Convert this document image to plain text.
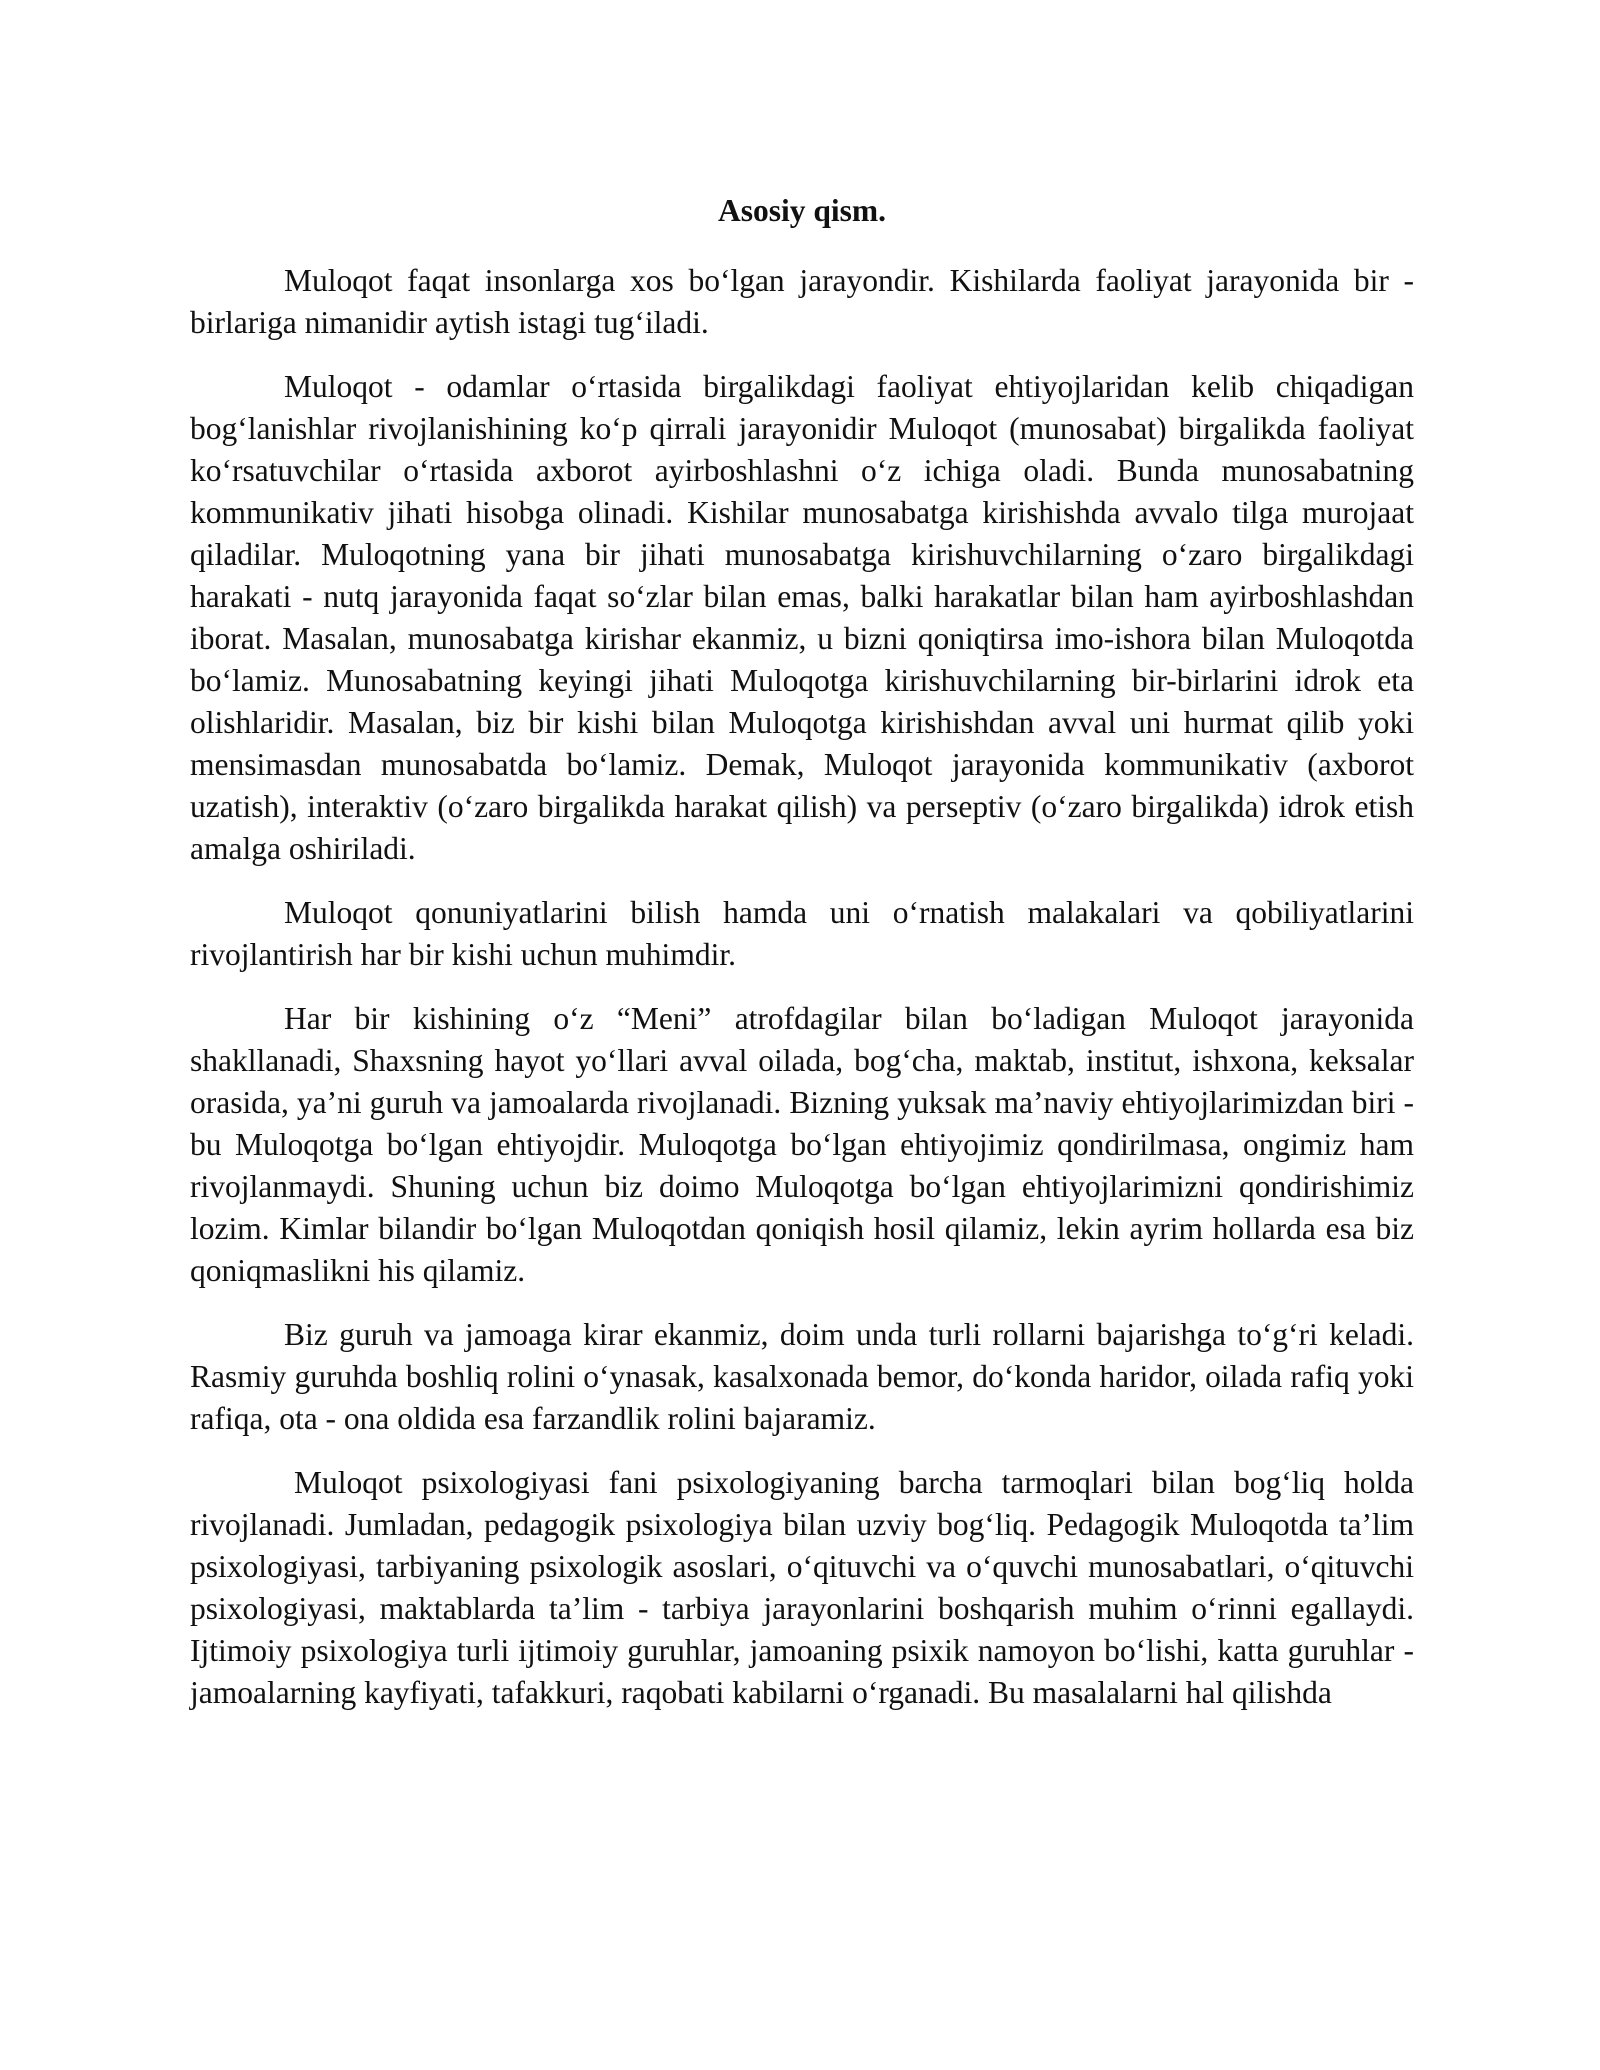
Asosiy qism.

Muloqot faqat insonlarga xos bo‘lgan jarayondir. Kishilarda faoliyat jarayonida bir - birlariga nimanidir aytish istagi tug‘iladi.

Muloqot - odamlar o‘rtasida birgalikdagi faoliyat ehtiyojlaridan kelib chiqadigan bog‘lanishlar rivojlanishining ko‘p qirrali jarayonidir Muloqot (munosabat) birgalikda faoliyat ko‘rsatuvchilar o‘rtasida axborot ayirboshlashni o‘z ichiga oladi. Bunda munosabatning kommunikativ jihati hisobga olinadi. Kishilar munosabatga kirishishda avvalo tilga murojaat qiladilar. Muloqotning yana bir jihati munosabatga kirishuvchilarning o‘zaro birgalikdagi harakati - nutq jarayonida faqat so‘zlar bilan emas, balki harakatlar bilan ham ayirboshlashdan iborat. Masalan, munosabatga kirishar ekanmiz, u bizni qoniqtirsa imo-ishora bilan Muloqotda bo‘lamiz. Munosabatning keyingi jihati Muloqotga kirishuvchilarning bir-birlarini idrok eta olishlaridir. Masalan, biz bir kishi bilan Muloqotga kirishishdan avval uni hurmat qilib yoki mensimasdan munosabatda bo‘lamiz. Demak, Muloqot jarayonida kommunikativ (axborot uzatish), interaktiv (o‘zaro birgalikda harakat qilish) va perseptiv (o‘zaro birgalikda) idrok etish amalga oshiriladi.

Muloqot qonuniyatlarini bilish hamda uni o‘rnatish malakalari va qobiliyatlarini rivojlantirish har bir kishi uchun muhimdir.

Har bir kishining o‘z “Meni” atrofdagilar bilan bo‘ladigan Muloqot jarayonida shakllanadi, Shaxsning hayot yo‘llari avval oilada, bog‘cha, maktab, institut, ishxona, keksalar orasida, ya’ni guruh va jamoalarda rivojlanadi. Bizning yuksak ma’naviy ehtiyojlarimizdan biri - bu Muloqotga bo‘lgan ehtiyojdir. Muloqotga bo‘lgan ehtiyojimiz qondirilmasa, ongimiz ham rivojlanmaydi. Shuning uchun biz doimo Muloqotga bo‘lgan ehtiyojlarimizni qondirishimiz lozim. Kimlar bilandir bo‘lgan Muloqotdan qoniqish hosil qilamiz, lekin ayrim hollarda esa biz qoniqmaslikni his qilamiz.

Biz guruh va jamoaga kirar ekanmiz, doim unda turli rollarni bajarishga to‘g‘ri keladi. Rasmiy guruhda boshliq rolini o‘ynasak, kasalxonada bemor, do‘konda haridor, oilada rafiq yoki rafiqa, ota - ona oldida esa farzandlik rolini bajaramiz.

Muloqot psixologiyasi fani psixologiyaning barcha tarmoqlari bilan bog‘liq holda rivojlanadi. Jumladan, pedagogik psixologiya bilan uzviy bog‘liq. Pedagogik Muloqotda ta’lim psixologiyasi, tarbiyaning psixologik asoslari, o‘qituvchi va o‘quvchi munosabatlari, o‘qituvchi psixologiyasi, maktablarda ta’lim - tarbiya jarayonlarini boshqarish muhim o‘rinni egallaydi. Ijtimoiy psixologiya turli ijtimoiy guruhlar, jamoaning psixik namoyon bo‘lishi, katta guruhlar - jamoalarning kayfiyati, tafakkuri, raqobati kabilarni o‘rganadi. Bu masalalarni hal qilishda
